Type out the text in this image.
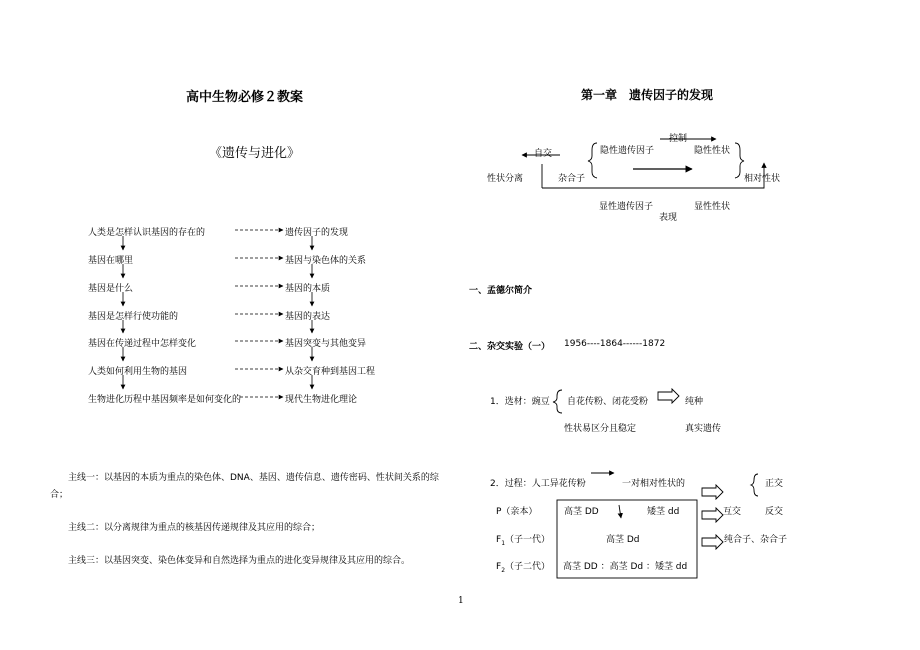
高中生物必修２教案
《遗传与进化》
人类是怎样认识基因的存在的	遗传因子的发现
基因在哪里	基因与染色体的关系
基因是什么	基因的本质
基因是怎样行使功能的	基因的表达
基因在传递过程中怎样变化	基因突变与其他变异
人类如何利用生物的基因	从杂交育种到基因工程
生物进化历程中基因频率是如何变化的	现代生物进化理论
主线一：以基因的本质为重点的染色体、DNA、基因、遗传信息、遗传密码、性状间关系的综
合；
主线二：以分离规律为重点的核基因传递规律及其应用的综合；
主线三：以基因突变、染色体变异和自然选择为重点的进化变异规律及其应用的综合。
第一章　遗传因子的发现
控制
自交	隐性遗传因子	隐性性状
性状分离	杂合子	相对性状
显性遗传因子	显性性状
表现
一、孟德尔简介
二、杂交实验（一） 1956----1864------1872
1．选材：豌豆 自花传粉、闭花受粉	纯种
性状易区分且稳定	真实遗传
2．过程：人工异花传粉	一对相对性状的	正交
互交	反交
纯合子、杂合子
P（亲本）	高茎 DD	矮茎 dd
$F_1$（子一代）	高茎 Dd
$F_2$（子二代） 高茎 DD ：高茎 Dd ：矮茎 dd
1
